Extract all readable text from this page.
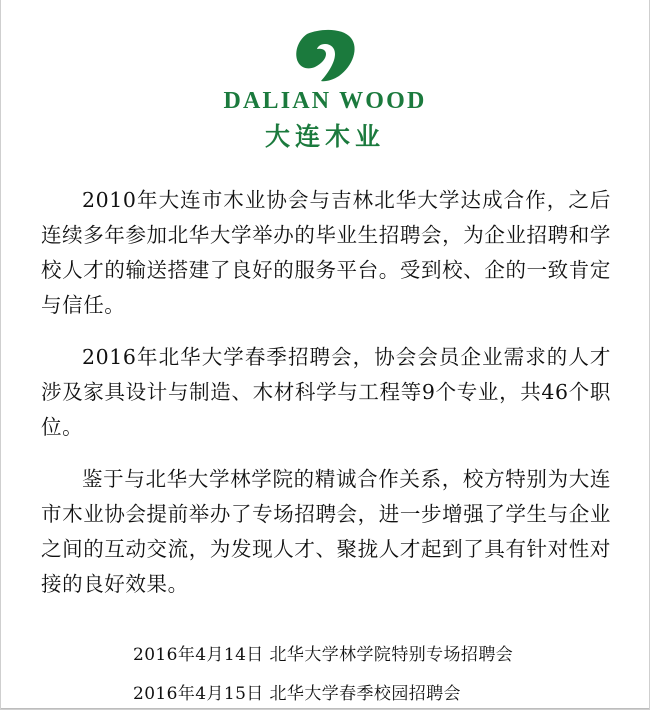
DALIAN WOOD
大连木业

2010年大连市木业协会与吉林北华大学达成合作，之后连续多年参加北华大学举办的毕业生招聘会，为企业招聘和学校人才的输送搭建了良好的服务平台。受到校、企的一致肯定与信任。

2016年北华大学春季招聘会，协会会员企业需求的人才涉及家具设计与制造、木材科学与工程等9个专业，共46个职位。

鉴于与北华大学林学院的精诚合作关系，校方特别为大连市木业协会提前举办了专场招聘会，进一步增强了学生与企业之间的互动交流，为发现人才、聚拢人才起到了具有针对性对接的良好效果。

2016年4月14日 北华大学林学院特别专场招聘会
2016年4月15日 北华大学春季校园招聘会
